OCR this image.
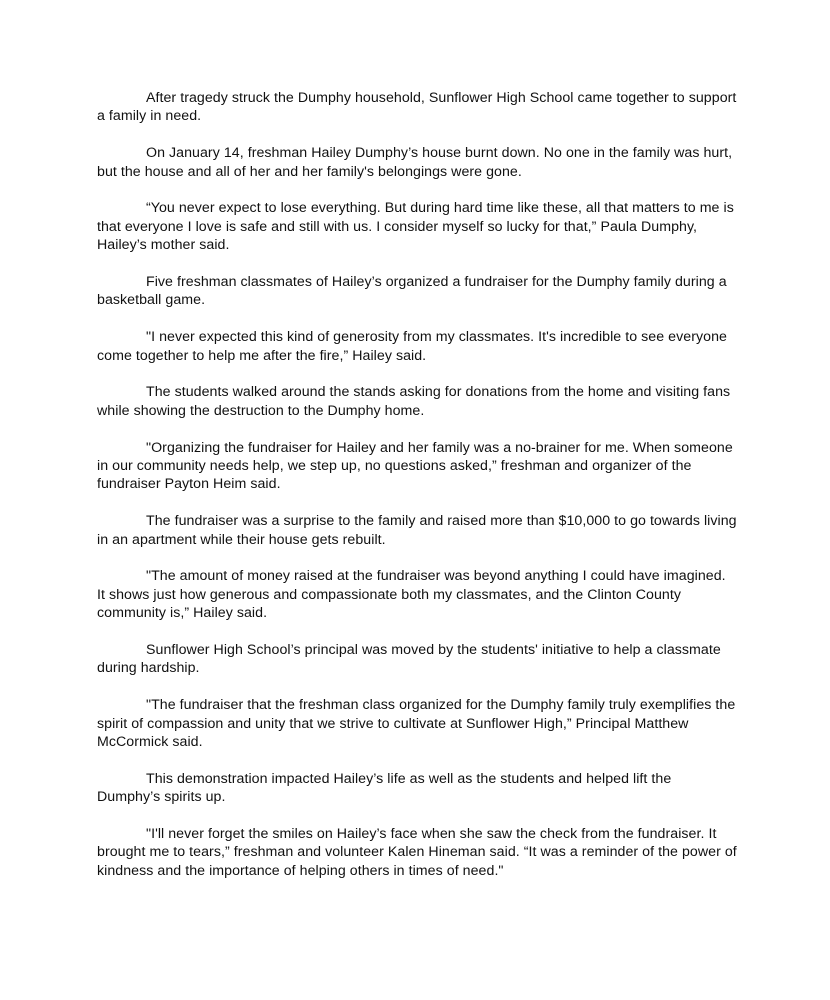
After tragedy struck the Dumphy household, Sunflower High School came together to support a family in need.

On January 14, freshman Hailey Dumphy’s house burnt down. No one in the family was hurt, but the house and all of her and her family's belongings were gone.

“You never expect to lose everything. But during hard time like these, all that matters to me is that everyone I love is safe and still with us. I consider myself so lucky for that,” Paula Dumphy, Hailey’s mother said.

Five freshman classmates of Hailey’s organized a fundraiser for the Dumphy family during a basketball game.

"I never expected this kind of generosity from my classmates. It's incredible to see everyone come together to help me after the fire,” Hailey said.

The students walked around the stands asking for donations from the home and visiting fans while showing the destruction to the Dumphy home.

"Organizing the fundraiser for Hailey and her family was a no-brainer for me. When someone in our community needs help, we step up, no questions asked,” freshman and organizer of the fundraiser Payton Heim said.

The fundraiser was a surprise to the family and raised more than $10,000 to go towards living in an apartment while their house gets rebuilt.

"The amount of money raised at the fundraiser was beyond anything I could have imagined. It shows just how generous and compassionate both my classmates, and the Clinton County community is,” Hailey said.

Sunflower High School’s principal was moved by the students' initiative to help a classmate during hardship.

"The fundraiser that the freshman class organized for the Dumphy family truly exemplifies the spirit of compassion and unity that we strive to cultivate at Sunflower High,” Principal Matthew McCormick said.

This demonstration impacted Hailey’s life as well as the students and helped lift the Dumphy’s spirits up.

"I'll never forget the smiles on Hailey’s face when she saw the check from the fundraiser. It brought me to tears,” freshman and volunteer Kalen Hineman said. “It was a reminder of the power of kindness and the importance of helping others in times of need."
